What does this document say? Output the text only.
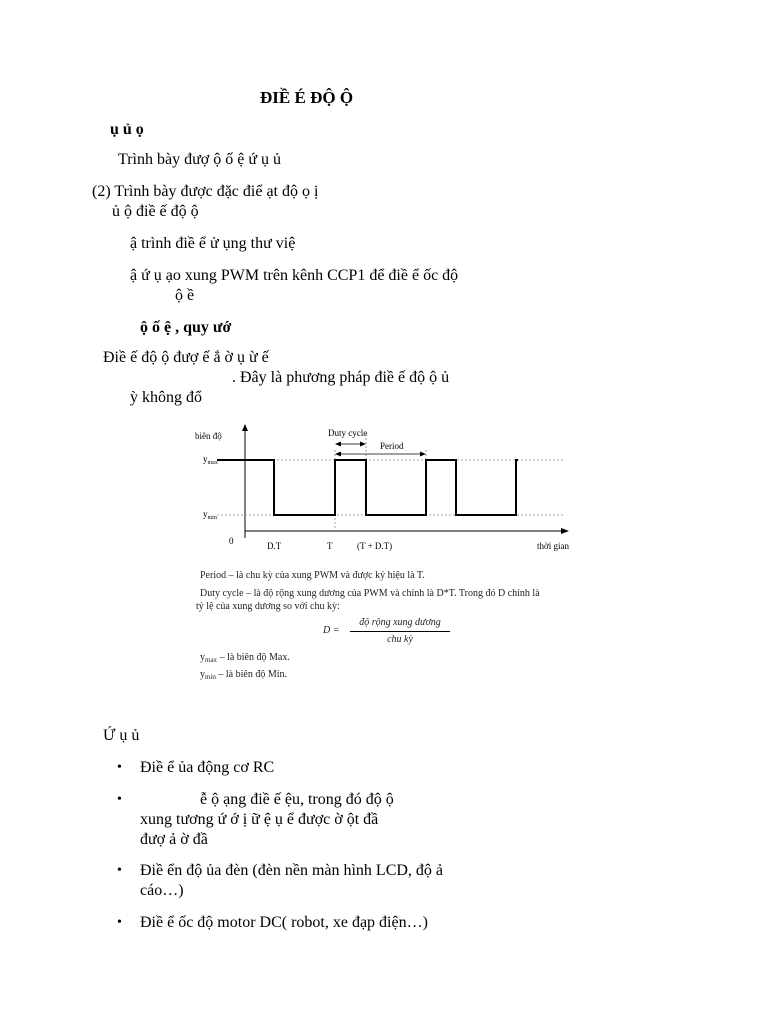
ĐIỀ É ĐỘ Ộ
ụ ủ ọ
Trình bày đượ ộ ố ệ ứ ụ ủ
(2) Trình bày được đặc điể ạt độ ọ ị
ủ ộ điề ế độ ộ
ậ trình điề ể ử ụng thư việ
ậ ứ ụ ạo xung PWM trên kênh CCP1 để điề ể ốc độ
ộ ề
ộ ố ệ , quy ướ
Điề ế độ ộ đượ ế ắ ờ ụ ừ ế
. Đây là phương pháp điề ế độ ộ ủ
ỳ không đổ
biên độ
$y_{max}$
$y_{min}$
0	D.T	T	(T + D.T)	thời gian
Duty cycle
Period
Period – là chu kỳ của xung PWM và được ký hiệu là T.
Duty cycle – là độ rộng xung dương của PWM và chính là D*T. Trong đó D chính là
tỷ lệ của xung dương so với chu kỳ:
D =
độ rộng xung dương
chu kỳ
$y_{max}$ – là biên độ Max.
$y_{min}$ – là biên độ Min.
Ứ ụ ủ
• Điề ể ủa động cơ RC
•	ễ ộ ạng điề ế ệu, trong đó độ ộ
xung tương ứ ớ ị ữ ệ ụ ể được ờ ột đầ
đượ ả ờ đầ
• Điề ển độ ủa đèn (đèn nền màn hình LCD, độ ả
cáo…)
• Điề ể ốc độ motor DC( robot, xe đạp điện…)
